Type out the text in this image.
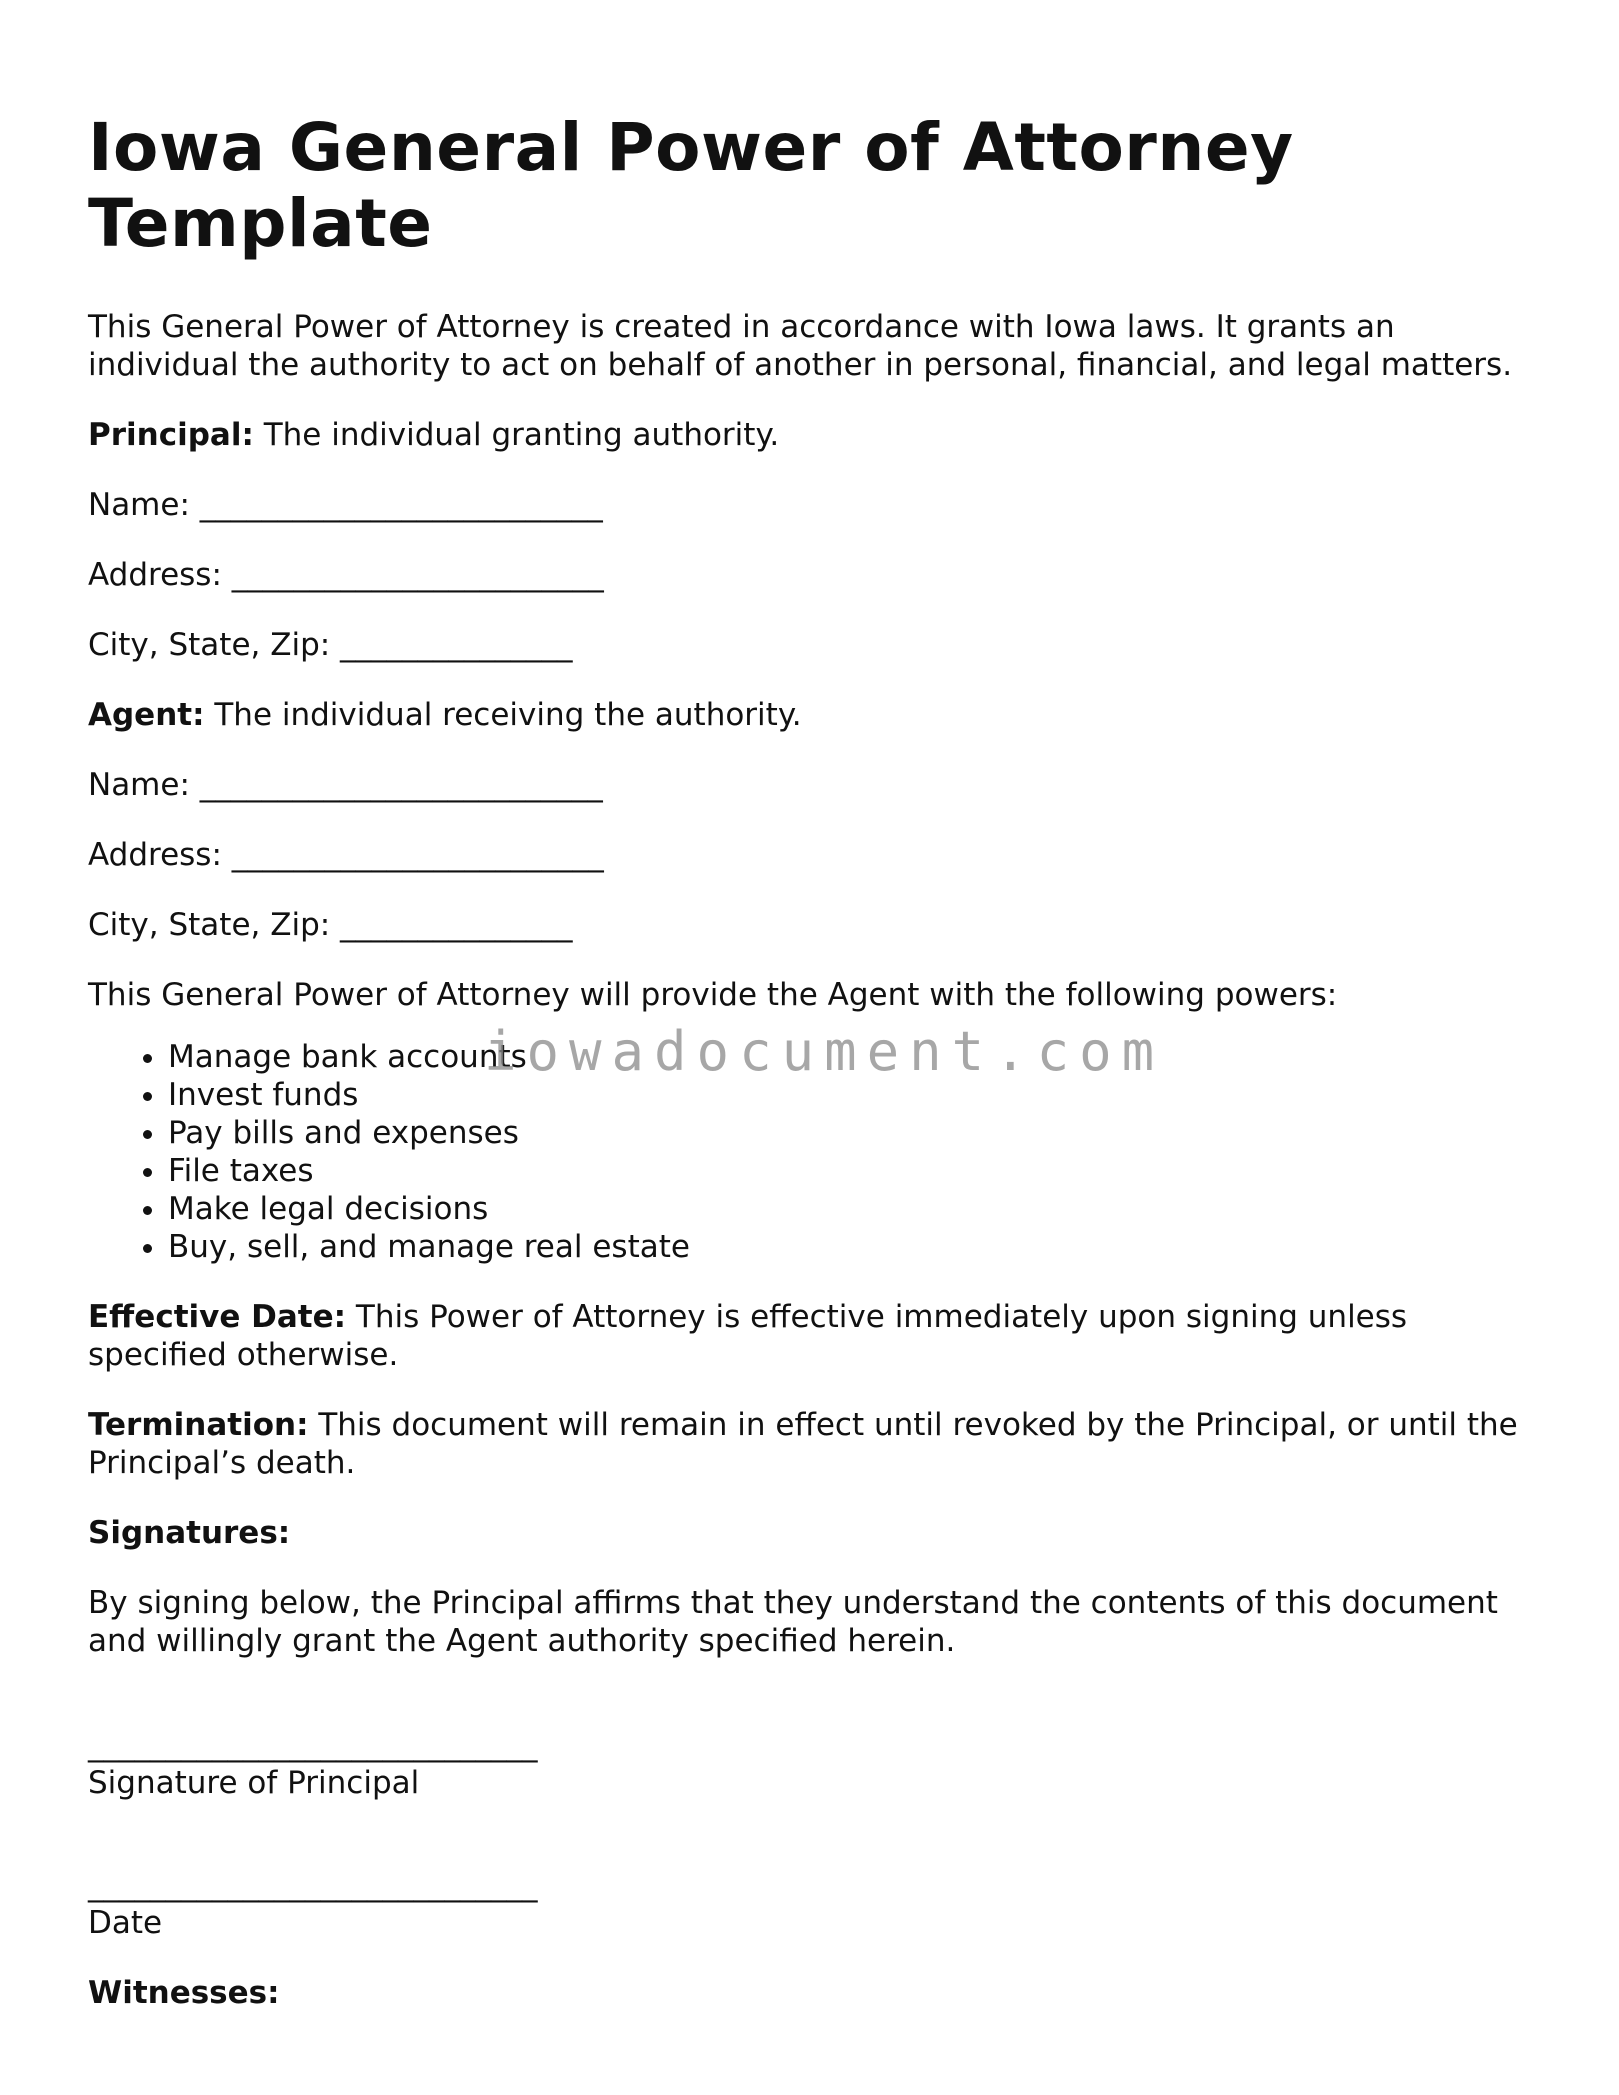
Iowa General Power of Attorney Template

This General Power of Attorney is created in accordance with Iowa laws. It grants an individual the authority to act on behalf of another in personal, financial, and legal matters.

Principal: The individual granting authority.

Name: __________________________

Address: ________________________

City, State, Zip: _______________

Agent: The individual receiving the authority.

Name: __________________________

Address: ________________________

City, State, Zip: _______________

This General Power of Attorney will provide the Agent with the following powers:

• Manage bank accounts
• Invest funds
• Pay bills and expenses
• File taxes
• Make legal decisions
• Buy, sell, and manage real estate

Effective Date: This Power of Attorney is effective immediately upon signing unless specified otherwise.

Termination: This document will remain in effect until revoked by the Principal, or until the Principal’s death.

Signatures:

By signing below, the Principal affirms that they understand the contents of this document and willingly grant the Agent authority specified herein.

_____________________________

Signature of Principal

_____________________________

Date

Witnesses:

iowadocument.com
